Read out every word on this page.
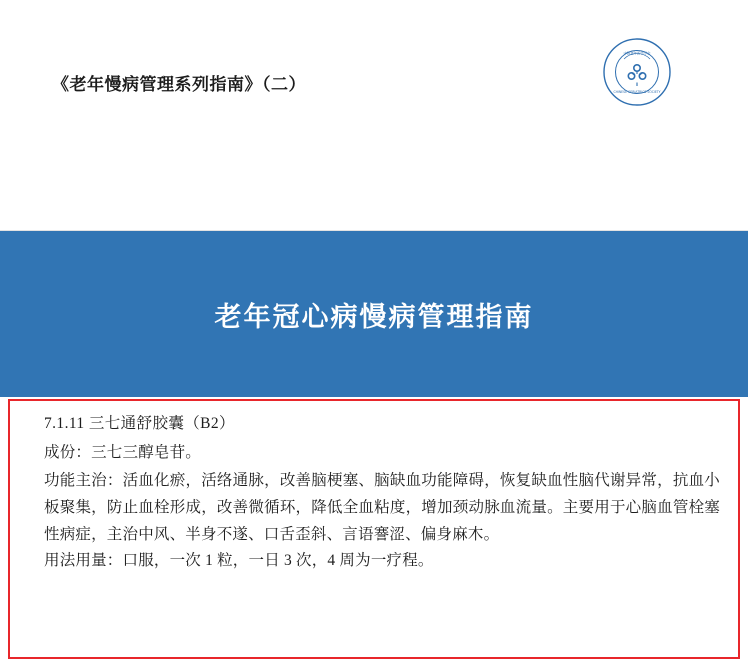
《老年慢病管理系列指南》（二）
中国老年医学学会
CHINESE GERIATRICS SOCIETY
老年冠心病慢病管理指南

7.1.11 三七通舒胶囊（B2）

成份：三七三醇皂苷。

功能主治：活血化瘀，活络通脉，改善脑梗塞、脑缺血功能障碍，恢复缺血性脑代谢异常，抗血小板聚集，防止血栓形成，改善微循环，降低全血粘度，增加颈动脉血流量。主要用于心脑血管栓塞性病症，主治中风、半身不遂、口舌歪斜、言语謇涩、偏身麻木。

用法用量：口服，一次 1 粒，一日 3 次，4 周为一疗程。
